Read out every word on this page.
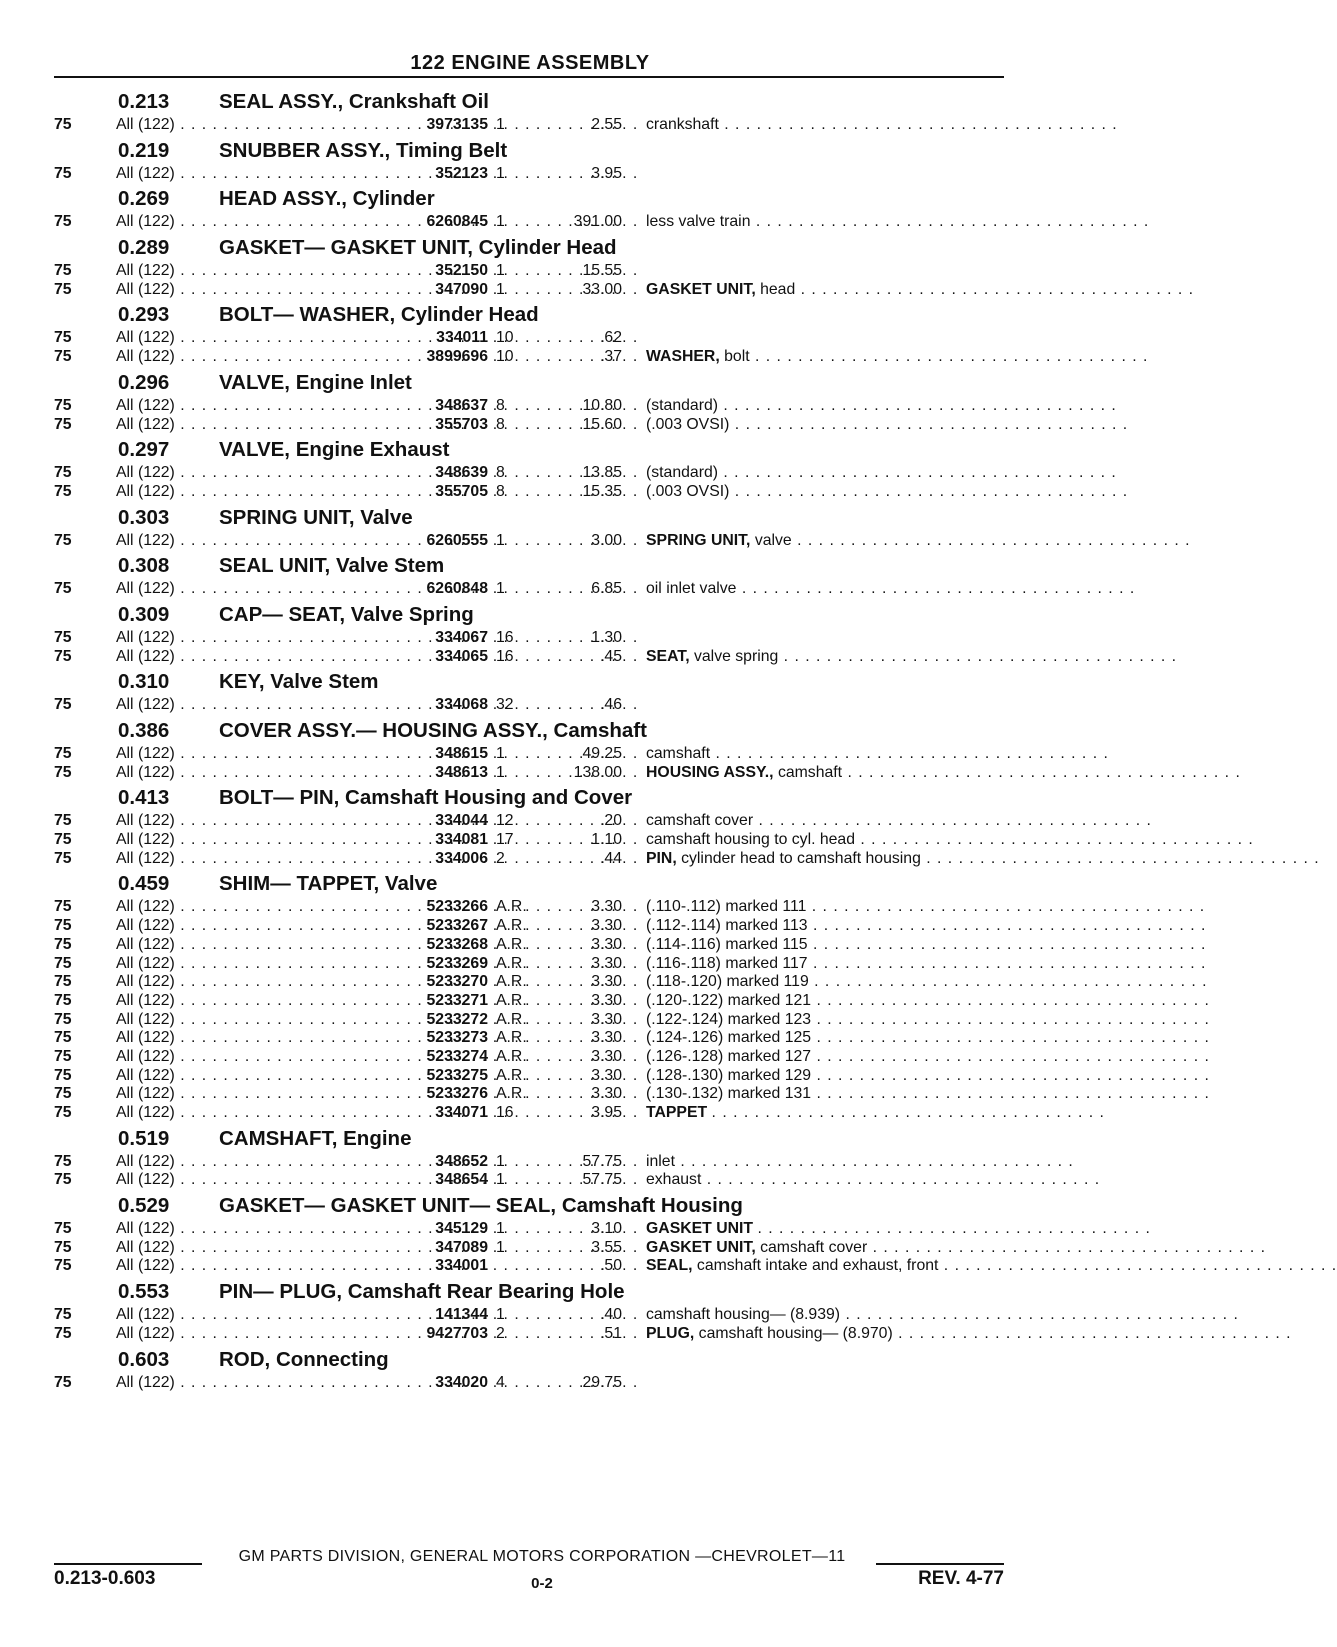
122 ENGINE ASSEMBLY
0.213 SEAL ASSY., Crankshaft Oil
75	All (122) . . .	3973135 1	2.55 crankshaft . . . . . . . . . . . . . . . . . . . . . . . . . . . . . . . . . . . . .
0.219 SNUBBER ASSY., Timing Belt
75	All (122) . . .	352123 1	3.95
0.269 HEAD ASSY., Cylinder
75	All (122) . . .	6260845 1	391.00 less valve train . . . . . . . . . . . . . . . . . . . . . . . . . . . . . . . . . . . . .
0.289 GASKET— GASKET UNIT, Cylinder Head
75	All (122) . . .	352150 1	15.55
75	All (122) . . .	347090 1	33.00 GASKET UNIT, head . . . . . . . . . . . . . . . . . . . . . . . . . . . . . . . . . . . . .
0.293 BOLT— WASHER, Cylinder Head
75	All (122) . . .	334011 10	.62
75	All (122) . . .	3899696 10	.37 WASHER, bolt . . . . . . . . . . . . . . . . . . . . . . . . . . . . . . . . . . . . .
0.296 VALVE, Engine Inlet
75	All (122) . . .	348637 8	10.80 (standard) . . . . . . . . . . . . . . . . . . . . . . . . . . . . . . . . . . . . .
75	All (122) . . .	355703 8	15.60 (.003 OVSI) . . . . . . . . . . . . . . . . . . . . . . . . . . . . . . . . . . . . .
0.297 VALVE, Engine Exhaust
75	All (122) . . .	348639 8	13.85 (standard) . . . . . . . . . . . . . . . . . . . . . . . . . . . . . . . . . . . . .
75	All (122) . . .	355705 8	15.35 (.003 OVSI) . . . . . . . . . . . . . . . . . . . . . . . . . . . . . . . . . . . . .
0.303 SPRING UNIT, Valve
75	All (122) . . .	6260555 1	3.00 SPRING UNIT, valve . . . . . . . . . . . . . . . . . . . . . . . . . . . . . . . . . . . . .
0.308 SEAL UNIT, Valve Stem
75	All (122) . . .	6260848 1	6.85 oil inlet valve . . . . . . . . . . . . . . . . . . . . . . . . . . . . . . . . . . . . .
0.309 CAP— SEAT, Valve Spring
75	All (122) . . .	334067 16	1.30
75	All (122) . . .	334065 16	.45 SEAT, valve spring . . . . . . . . . . . . . . . . . . . . . . . . . . . . . . . . . . . . .
0.310 KEY, Valve Stem
75	All (122) . . .	334068 32	.46
0.386 COVER ASSY.— HOUSING ASSY., Camshaft
75	All (122) . . .	348615 1	49.25 camshaft . . . . . . . . . . . . . . . . . . . . . . . . . . . . . . . . . . . . .
75	All (122) . . .	348613 1	138.00 HOUSING ASSY., camshaft . . . . . . . . . . . . . . . . . . . . . . . . . . . . . . . . . . . . .
0.413 BOLT— PIN, Camshaft Housing and Cover
75	All (122) . . .	334044 12	.20 camshaft cover . . . . . . . . . . . . . . . . . . . . . . . . . . . . . . . . . . . . .
75	All (122) . . .	334081 17	1.10 camshaft housing to cyl. head . . . . . . . . . . . . . . . . . . . . . . . . . . . . . . . . . . . . .
75	All (122) . . .	334006 2	.44 PIN, cylinder head to camshaft housing . . . . . . . . . . . . . . . . . . . . . . . . . . . . . . . . . . . . .
0.459 SHIM— TAPPET, Valve
75	All (122) . . .	5233266 A.R.	3.30 (.110-.112) marked 111 . . . . . . . . . . . . . . . . . . . . . . . . . . . . . . . . . . . . .
75	All (122) . . .	5233267 A.R.	3.30 (.112-.114) marked 113 . . . . . . . . . . . . . . . . . . . . . . . . . . . . . . . . . . . . .
75	All (122) . . .	5233268 A.R.	3.30 (.114-.116) marked 115 . . . . . . . . . . . . . . . . . . . . . . . . . . . . . . . . . . . . .
75	All (122) . . .	5233269 A.R.	3.30 (.116-.118) marked 117 . . . . . . . . . . . . . . . . . . . . . . . . . . . . . . . . . . . . .
75	All (122) . . .	5233270 A.R.	3.30 (.118-.120) marked 119 . . . . . . . . . . . . . . . . . . . . . . . . . . . . . . . . . . . . .
75	All (122) . . .	5233271 A.R.	3.30 (.120-.122) marked 121 . . . . . . . . . . . . . . . . . . . . . . . . . . . . . . . . . . . . .
75	All (122) . . .	5233272 A.R.	3.30 (.122-.124) marked 123 . . . . . . . . . . . . . . . . . . . . . . . . . . . . . . . . . . . . .
75	All (122) . . .	5233273 A.R.	3.30 (.124-.126) marked 125 . . . . . . . . . . . . . . . . . . . . . . . . . . . . . . . . . . . . .
75	All (122) . . .	5233274 A.R.	3.30 (.126-.128) marked 127 . . . . . . . . . . . . . . . . . . . . . . . . . . . . . . . . . . . . .
75	All (122) . . .	5233275 A.R.	3.30 (.128-.130) marked 129 . . . . . . . . . . . . . . . . . . . . . . . . . . . . . . . . . . . . .
75	All (122) . . .	5233276 A.R.	3.30 (.130-.132) marked 131 . . . . . . . . . . . . . . . . . . . . . . . . . . . . . . . . . . . . .
75	All (122) . . .	334071 16	3.95 TAPPET . . . . . . . . . . . . . . . . . . . . . . . . . . . . . . . . . . . . .
0.519 CAMSHAFT, Engine
75	All (122) . . .	348652 1	57.75 inlet . . . . . . . . . . . . . . . . . . . . . . . . . . . . . . . . . . . . .
75	All (122) . . .	348654 1	57.75 exhaust . . . . . . . . . . . . . . . . . . . . . . . . . . . . . . . . . . . . .
0.529 GASKET— GASKET UNIT— SEAL, Camshaft Housing
75	All (122) . . .	345129 1	3.10 GASKET UNIT . . . . . . . . . . . . . . . . . . . . . . . . . . . . . . . . . . . . .
75	All (122) . . .	347089 1	3.55 GASKET UNIT, camshaft cover . . . . . . . . . . . . . . . . . . . . . . . . . . . . . . . . . . . . .
75	All (122) . . .	334001	.50 SEAL, camshaft intake and exhaust, front . . . . . . . . . . . . . . . . . . . . . . . . . . . . . . . . . . . . .
0.553 PIN— PLUG, Camshaft Rear Bearing Hole
75	All (122) . . .	141344 1	.40 camshaft housing— (8.939) . . . . . . . . . . . . . . . . . . . . . . . . . . . . . . . . . . . . .
75	All (122) . . .	9427703 2	.51 PLUG, camshaft housing— (8.970) . . . . . . . . . . . . . . . . . . . . . . . . . . . . . . . . . . . . .
0.603 ROD, Connecting
75	All (122) . . .	334020 4	29.75
GM PARTS DIVISION, GENERAL MOTORS CORPORATION —CHEVROLET—11
0.213-0.603	0-2	REV. 4-77
